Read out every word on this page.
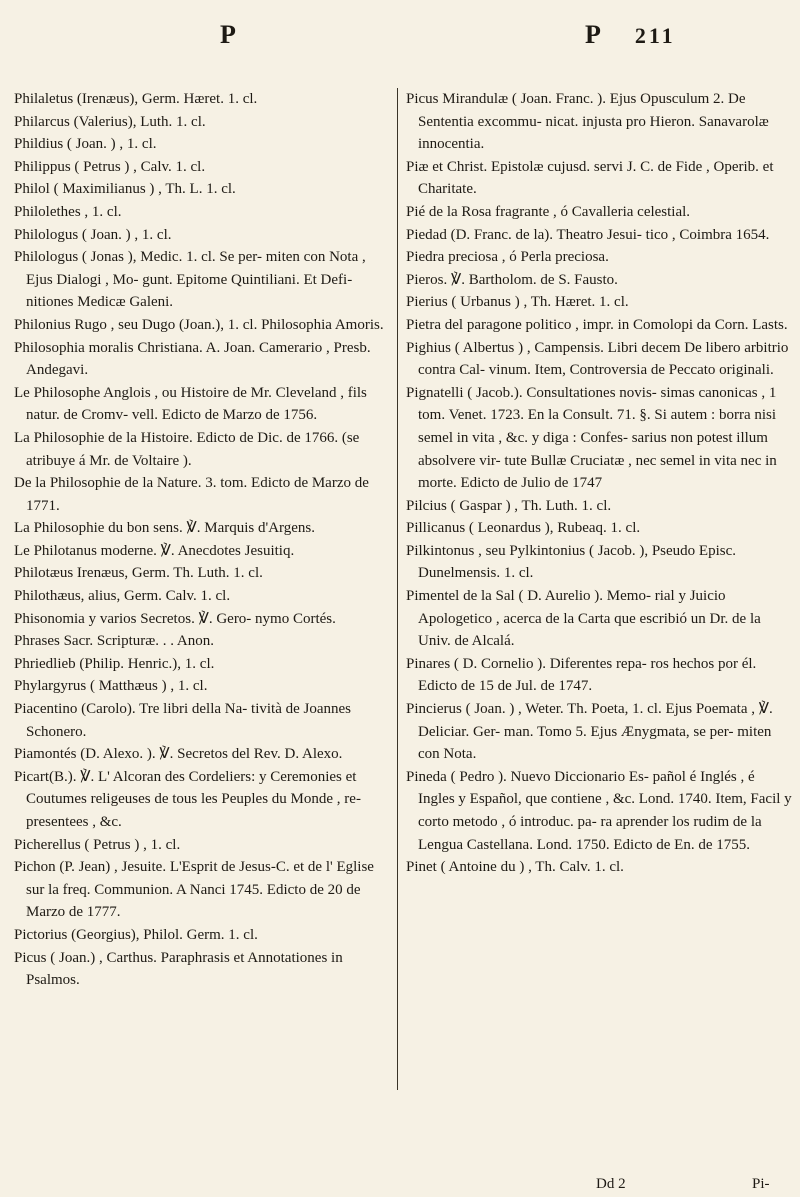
P	P 211

Philaletus (Irenæus), Germ. Hæret. 1. cl.

Philarcus (Valerius), Luth. 1. cl.

Phildius ( Joan. ) , 1. cl.

Philippus ( Petrus ) , Calv. 1. cl.

Philol ( Maximilianus ) , Th. L. 1. cl.

Philolethes , 1. cl.

Philologus ( Joan. ) , 1. cl.

Philologus ( Jonas ), Medic. 1. cl. Se per- miten con Nota , Ejus Dialogi , Mo- gunt. Epitome Quintiliani. Et Defi- nitiones Medicæ Galeni.

Philonius Rugo , seu Dugo (Joan.), 1. cl. Philosophia Amoris.

Philosophia moralis Christiana. A. Joan. Camerario , Presb. Andegavi.

Le Philosophe Anglois , ou Histoire de Mr. Cleveland , fils natur. de Cromv- vell. Edicto de Marzo de 1756.

La Philosophie de la Histoire. Edicto de Dic. de 1766. (se atribuye á Mr. de Voltaire ).

De la Philosophie de la Nature. 3. tom. Edicto de Marzo de 1771.

La Philosophie du bon sens. ℣. Marquis d'Argens.

Le Philotanus moderne. ℣. Anecdotes Jesuitiq.

Philotæus Irenæus, Germ. Th. Luth. 1. cl.

Philothæus, alius, Germ. Calv. 1. cl.

Phisonomia y varios Secretos. ℣. Gero- nymo Cortés.

Phrases Sacr. Scripturæ. . . Anon.

Phriedlieb (Philip. Henric.), 1. cl.

Phylargyrus ( Matthæus ) , 1. cl.

Piacentino (Carolo). Tre libri della Na- tività de Joannes Schonero.

Piamontés (D. Alexo. ). ℣. Secretos del Rev. D. Alexo.

Picart(B.). ℣. L' Alcoran des Cordeliers: y Ceremonies et Coutumes religeuses de tous les Peuples du Monde , re- presentees , &c.

Picherellus ( Petrus ) , 1. cl.

Pichon (P. Jean) , Jesuite. L'Esprit de Jesus-C. et de l' Eglise sur la freq. Communion. A Nanci 1745. Edicto de 20 de Marzo de 1777.

Pictorius (Georgius), Philol. Germ. 1. cl.

Picus ( Joan.) , Carthus. Paraphrasis et Annotationes in Psalmos.

Picus Mirandulæ ( Joan. Franc. ). Ejus Opusculum 2. De Sententia excommu- nicat. injusta pro Hieron. Sanavarolæ innocentia.

Piæ et Christ. Epistolæ cujusd. servi J. C. de Fide , Operib. et Charitate.

Pié de la Rosa fragrante , ó Cavalleria celestial.

Piedad (D. Franc. de la). Theatro Jesui- tico , Coimbra 1654.

Piedra preciosa , ó Perla preciosa.

Pieros. ℣. Bartholom. de S. Fausto.

Pierius ( Urbanus ) , Th. Hæret. 1. cl.

Pietra del paragone politico , impr. in Comolopi da Corn. Lasts.

Pighius ( Albertus ) , Campensis. Libri decem De libero arbitrio contra Cal- vinum. Item, Controversia de Peccato originali.

Pignatelli ( Jacob.). Consultationes novis- simas canonicas , 1 tom. Venet. 1723. En la Consult. 71. §. Si autem : borra nisi semel in vita , &c. y diga : Confes- sarius non potest illum absolvere vir- tute Bullæ Cruciatæ , nec semel in vita nec in morte. Edicto de Julio de 1747

Pilcius ( Gaspar ) , Th. Luth. 1. cl.

Pillicanus ( Leonardus ), Rubeaq. 1. cl.

Pilkintonus , seu Pylkintonius ( Jacob. ), Pseudo Episc. Dunelmensis. 1. cl.

Pimentel de la Sal ( D. Aurelio ). Memo- rial y Juicio Apologetico , acerca de la Carta que escribió un Dr. de la Univ. de Alcalá.

Pinares ( D. Cornelio ). Diferentes repa- ros hechos por él. Edicto de 15 de Jul. de 1747.

Pincierus ( Joan. ) , Weter. Th. Poeta, 1. cl. Ejus Poemata , ℣. Deliciar. Ger- man. Tomo 5. Ejus Ænygmata, se per- miten con Nota.

Pineda ( Pedro ). Nuevo Diccionario Es- pañol é Inglés , é Ingles y Español, que contiene , &c. Lond. 1740. Item, Facil y corto metodo , ó introduc. pa- ra aprender los rudim de la Lengua Castellana. Lond. 1750. Edicto de En. de 1755.

Pinet ( Antoine du ) , Th. Calv. 1. cl.

Dd 2	Pi-
